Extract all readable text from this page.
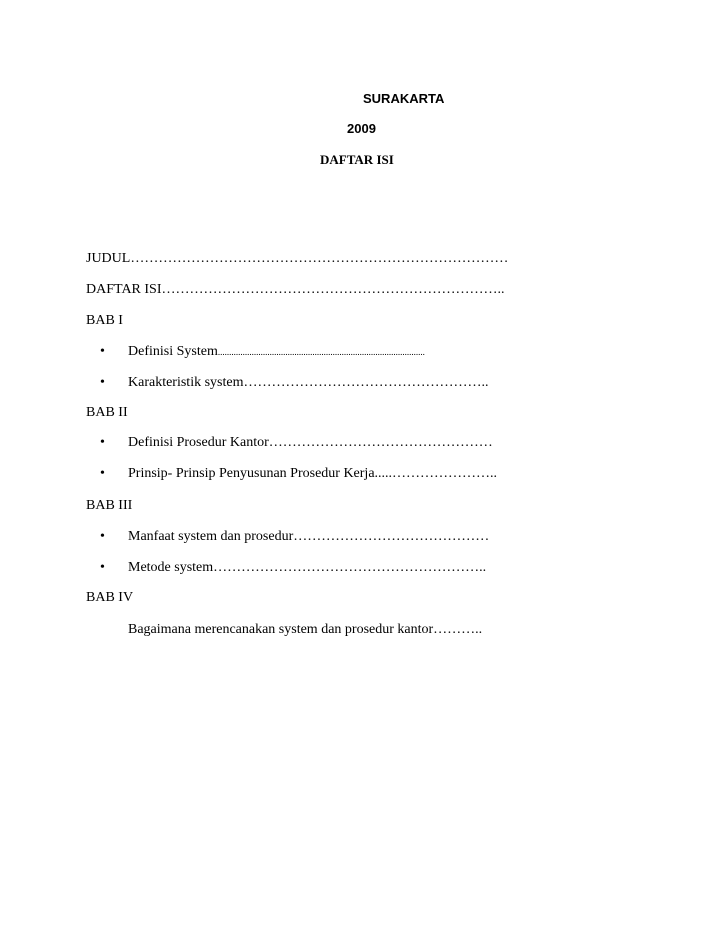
SURAKARTA
2009
DAFTAR ISI
JUDUL………………………………………………………………………
DAFTAR ISI………………………………………………………………..
BAB I
•	Definisi System............................................................................................
•	Karakteristik system……………………………………………..
BAB II
•	Definisi Prosedur Kantor…………………………………………
•	Prinsip- Prinsip Penyusunan Prosedur Kerja.....…………………..
BAB III
•	Manfaat system dan prosedur……………………………………
•	Metode system…………………………………………………..
BAB IV
Bagaimana merencanakan system dan prosedur kantor………..
